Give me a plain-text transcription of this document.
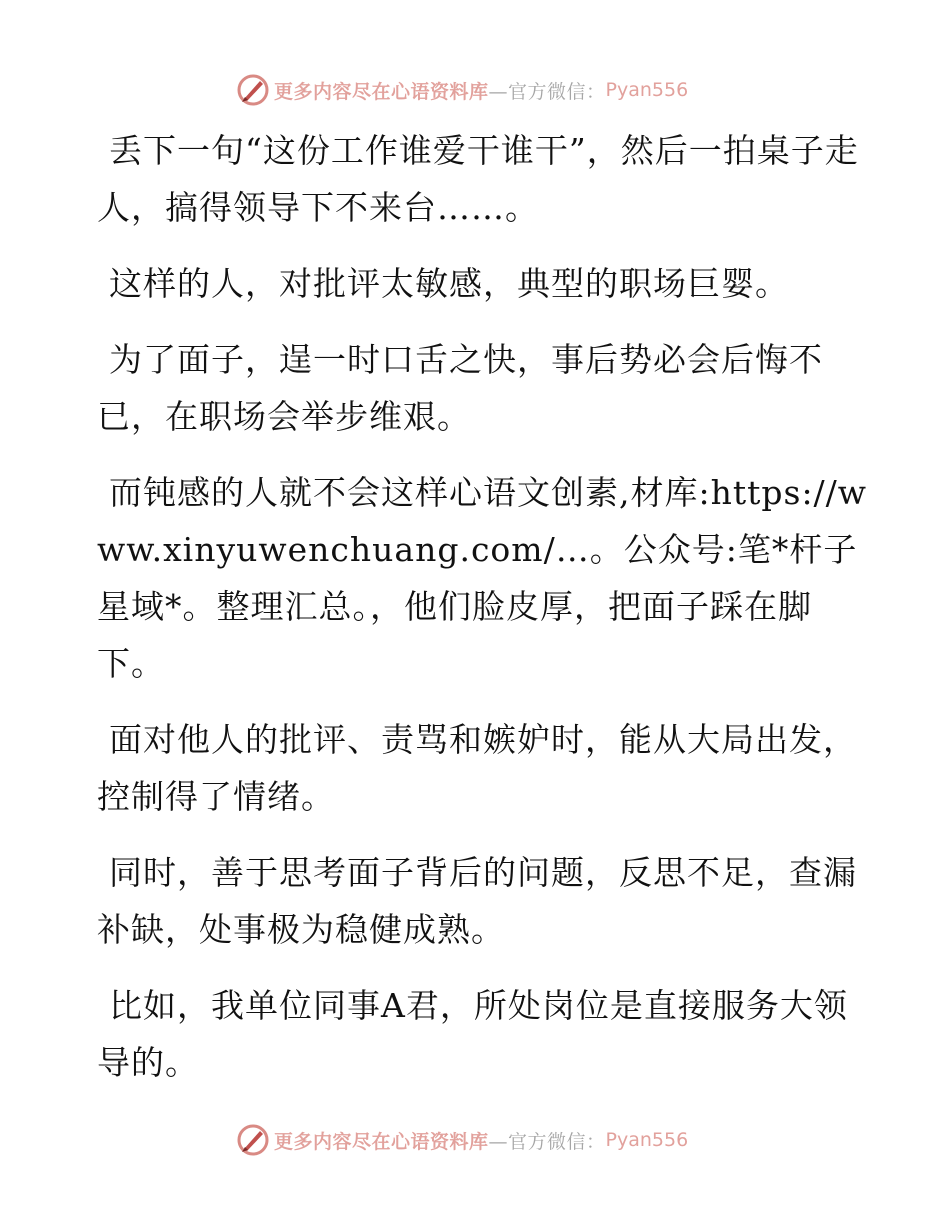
更多内容尽在心语资料库 —官方微信： Pyan556

丢下一句“这份工作谁爱干谁干”，然后一拍桌子走人，搞得领导下不来台……。

这样的人，对批评太敏感，典型的职场巨婴。

为了面子，逞一时口舌之快，事后势必会后悔不已，在职场会举步维艰。

而钝感的人就不会这样心语文创素,材库:https://www.xinyuwenchuang.com/…。公众号:笔*杆子星域*。整理汇总。，他们脸皮厚，把面子踩在脚下。

面对他人的批评、责骂和嫉妒时，能从大局出发，控制得了情绪。

同时，善于思考面子背后的问题，反思不足，查漏补缺，处事极为稳健成熟。

比如，我单位同事A君，所处岗位是直接服务大领导的。

更多内容尽在心语资料库 —官方微信： Pyan556
